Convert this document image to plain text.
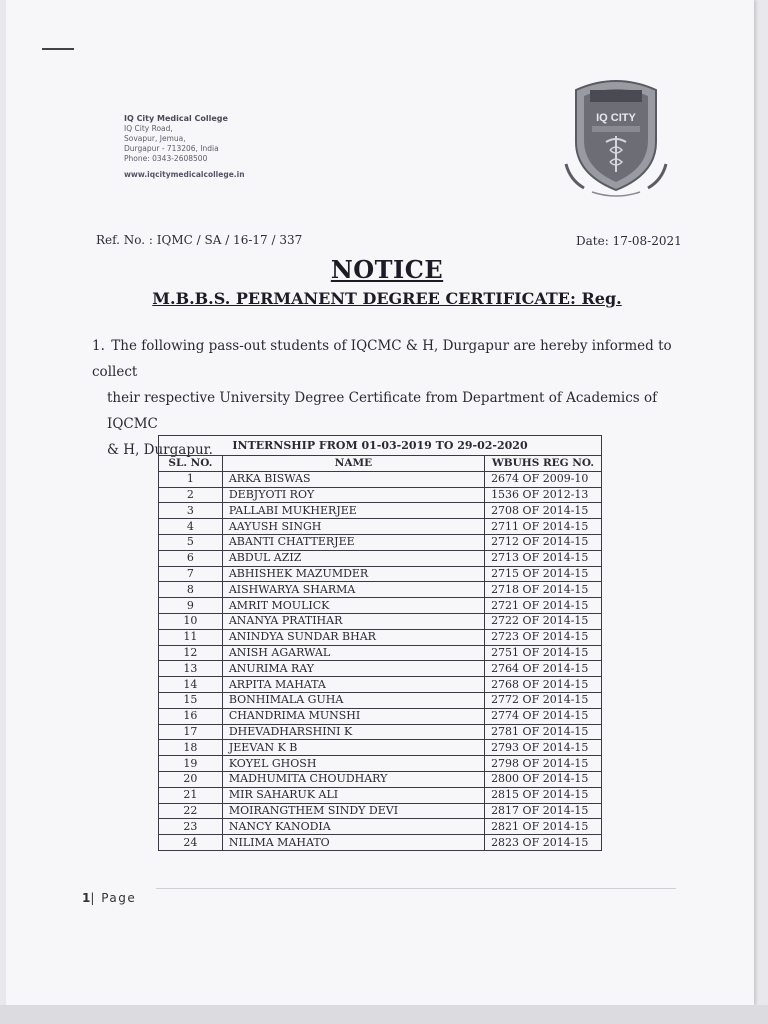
IQ City Medical College
IQ City Road,
Sovapur, Jemua,
Durgapur - 713206, India
Phone: 0343-2608500
www.iqcitymedicalcollege.in
IQ CITY
Ref. No. : IQMC / SA / 16-17 / 337	Date: 17-08-2021
NOTICE
M.B.B.S. PERMANENT DEGREE CERTIFICATE: Reg.
1. The following pass-out students of IQCMC & H, Durgapur are hereby informed to collect
their respective University Degree Certificate from Department of Academics of IQCMC
& H, Durgapur.	INTERNSHIP FROM 01-03-2019 TO 29-02-2020		
SL. NO.	NAME	WBUHS REG NO.
1	ARKA BISWAS	2674 OF 2009-10
2	DEBJYOTI ROY	1536 OF 2012-13
3	PALLABI MUKHERJEE	2708 OF 2014-15
4	AAYUSH SINGH	2711 OF 2014-15
5	ABANTI CHATTERJEE	2712 OF 2014-15
6	ABDUL AZIZ	2713 OF 2014-15
7	ABHISHEK MAZUMDER	2715 OF 2014-15
8	AISHWARYA SHARMA	2718 OF 2014-15
9	AMRIT MOULICK	2721 OF 2014-15
10	ANANYA PRATIHAR	2722 OF 2014-15
11	ANINDYA SUNDAR BHAR	2723 OF 2014-15
12	ANISH AGARWAL	2751 OF 2014-15
13	ANURIMA RAY	2764 OF 2014-15
14	ARPITA MAHATA	2768 OF 2014-15
15	BONHIMALA GUHA	2772 OF 2014-15
16	CHANDRIMA MUNSHI	2774 OF 2014-15
17	DHEVADHARSHINI K	2781 OF 2014-15
18	JEEVAN K B	2793 OF 2014-15
19	KOYEL GHOSH	2798 OF 2014-15
20	MADHUMITA CHOUDHARY	2800 OF 2014-15
21	MIR SAHARUK ALI	2815 OF 2014-15
22	MOIRANGTHEM SINDY DEVI	2817 OF 2014-15
23	NANCY KANODIA	2821 OF 2014-15
24	NILIMA MAHATO	2823 OF 2014-15
1| Page
